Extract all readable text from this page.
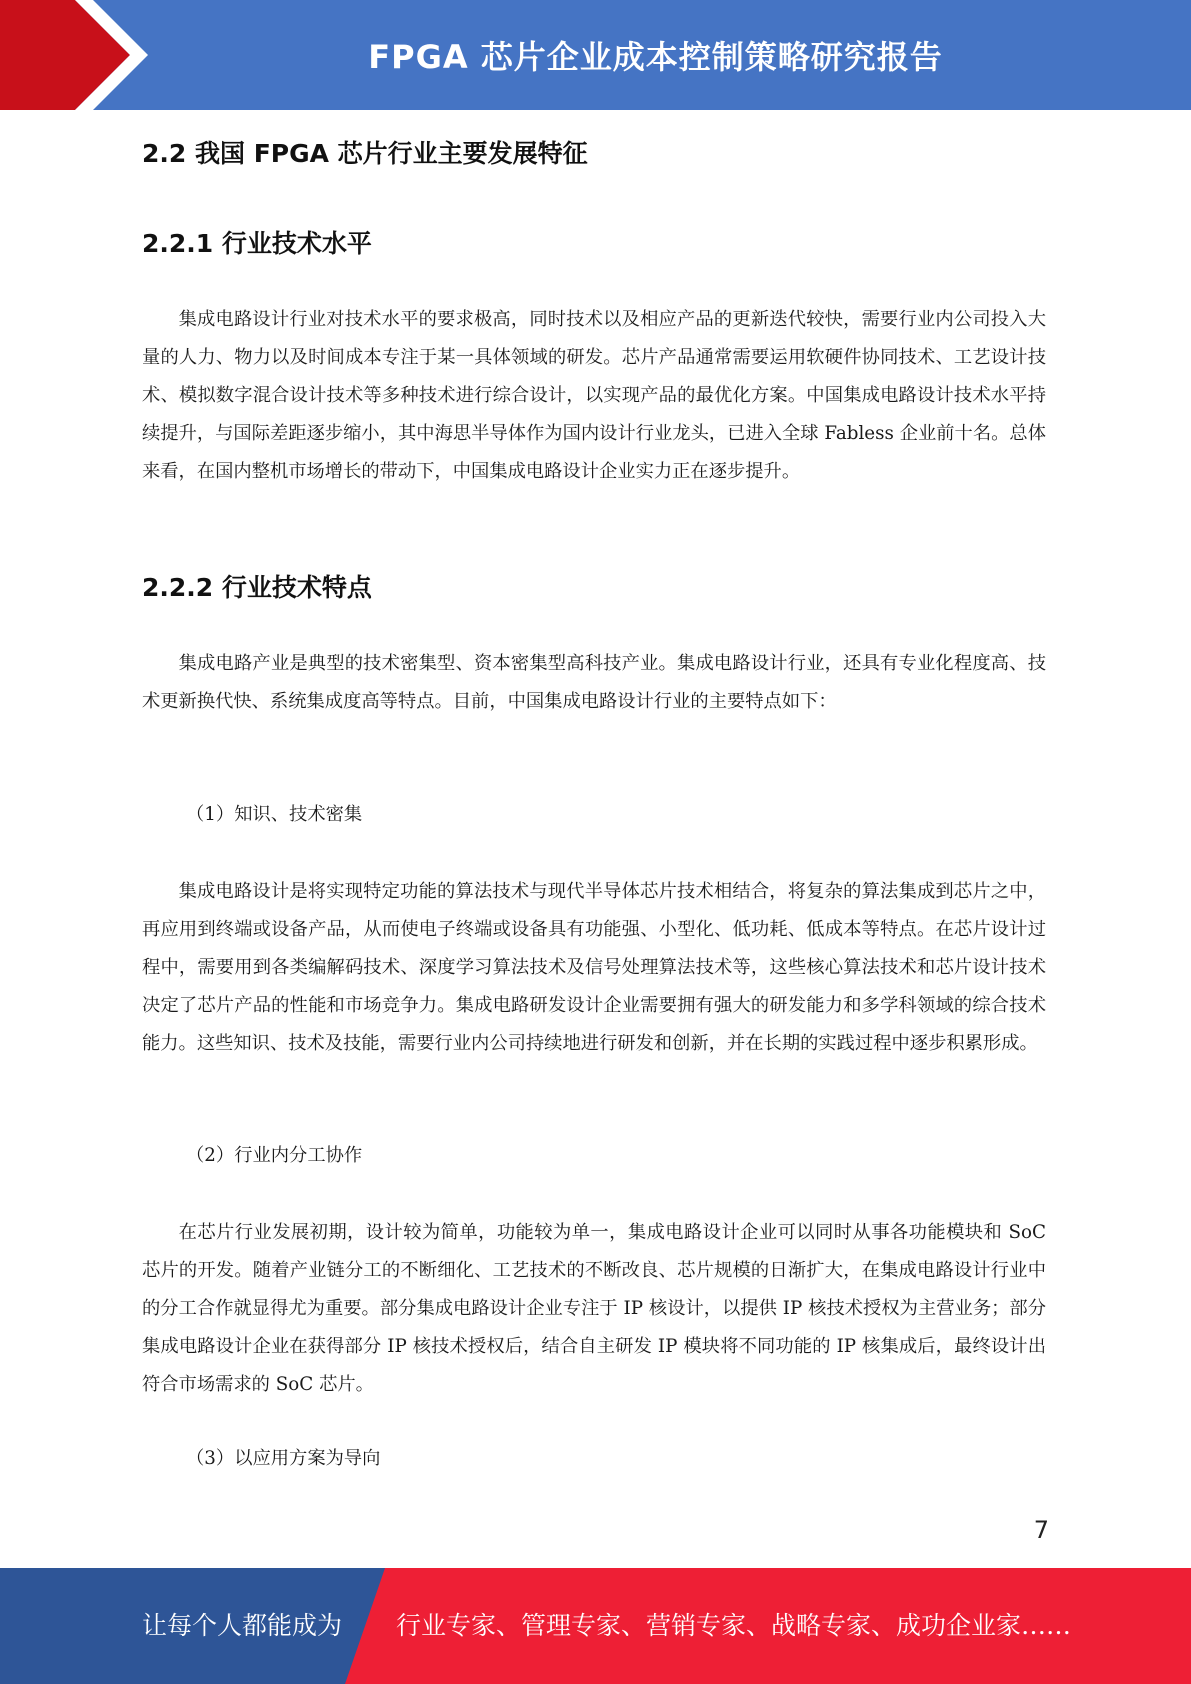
FPGA 芯片企业成本控制策略研究报告
2.2 我国 FPGA 芯片行业主要发展特征
2.2.1 行业技术水平

集成电路设计行业对技术水平的要求极高，同时技术以及相应产品的更新迭代较快，需要行业内公司投入大量的人力、物力以及时间成本专注于某一具体领域的研发。芯片产品通常需要运用软硬件协同技术、工艺设计技术、模拟数字混合设计技术等多种技术进行综合设计，以实现产品的最优化方案。中国集成电路设计技术水平持续提升，与国际差距逐步缩小，其中海思半导体作为国内设计行业龙头，已进入全球 Fabless 企业前十名。总体来看，在国内整机市场增长的带动下，中国集成电路设计企业实力正在逐步提升。

2.2.2 行业技术特点

集成电路产业是典型的技术密集型、资本密集型高科技产业。集成电路设计行业，还具有专业化程度高、技术更新换代快、系统集成度高等特点。目前，中国集成电路设计行业的主要特点如下：

（1）知识、技术密集

集成电路设计是将实现特定功能的算法技术与现代半导体芯片技术相结合，将复杂的算法集成到芯片之中，再应用到终端或设备产品，从而使电子终端或设备具有功能强、小型化、低功耗、低成本等特点。在芯片设计过程中，需要用到各类编解码技术、深度学习算法技术及信号处理算法技术等，这些核心算法技术和芯片设计技术决定了芯片产品的性能和市场竞争力。集成电路研发设计企业需要拥有强大的研发能力和多学科领域的综合技术能力。这些知识、技术及技能，需要行业内公司持续地进行研发和创新，并在长期的实践过程中逐步积累形成。

（2）行业内分工协作

在芯片行业发展初期，设计较为简单，功能较为单一，集成电路设计企业可以同时从事各功能模块和 SoC 芯片的开发。随着产业链分工的不断细化、工艺技术的不断改良、芯片规模的日渐扩大，在集成电路设计行业中的分工合作就显得尤为重要。部分集成电路设计企业专注于 IP 核设计，以提供 IP 核技术授权为主营业务；部分集成电路设计企业在获得部分 IP 核技术授权后，结合自主研发 IP 模块将不同功能的 IP 核集成后，最终设计出符合市场需求的 SoC 芯片。

（3）以应用方案为导向

7
让每个人都能成为 行业专家、管理专家、营销专家、战略专家、成功企业家……
